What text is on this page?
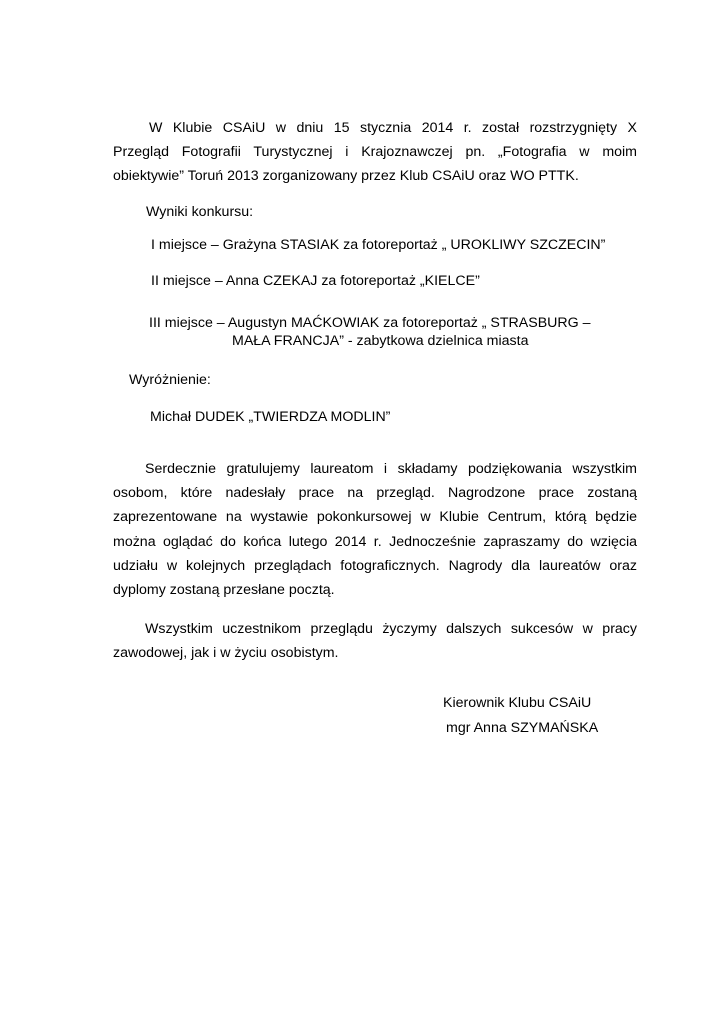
W Klubie CSAiU w dniu 15 stycznia 2014 r. został rozstrzygnięty X
Przegląd Fotografii Turystycznej i Krajoznawczej pn. „Fotografia w moim
obiektywie” Toruń 2013 zorganizowany przez Klub CSAiU oraz WO PTTK.
Wyniki konkursu:
I miejsce – Grażyna STASIAK za fotoreportaż „ UROKLIWY SZCZECIN”
II miejsce – Anna CZEKAJ za fotoreportaż „KIELCE”
III miejsce – Augustyn MAĆKOWIAK za fotoreportaż „ STRASBURG –
MAŁA FRANCJA” - zabytkowa dzielnica miasta
Wyróżnienie:
Michał DUDEK „TWIERDZA MODLIN”
Serdecznie gratulujemy laureatom i składamy podziękowania wszystkim
osobom, które nadesłały prace na przegląd. Nagrodzone prace zostaną
zaprezentowane na wystawie pokonkursowej w Klubie Centrum, którą będzie
można oglądać do końca lutego 2014 r. Jednocześnie zapraszamy do wzięcia
udziału w kolejnych przeglądach fotograficznych. Nagrody dla laureatów oraz
dyplomy zostaną przesłane pocztą.
Wszystkim uczestnikom przeglądu życzymy dalszych sukcesów w pracy
zawodowej, jak i w życiu osobistym.
Kierownik Klubu CSAiU
mgr Anna SZYMAŃSKA
